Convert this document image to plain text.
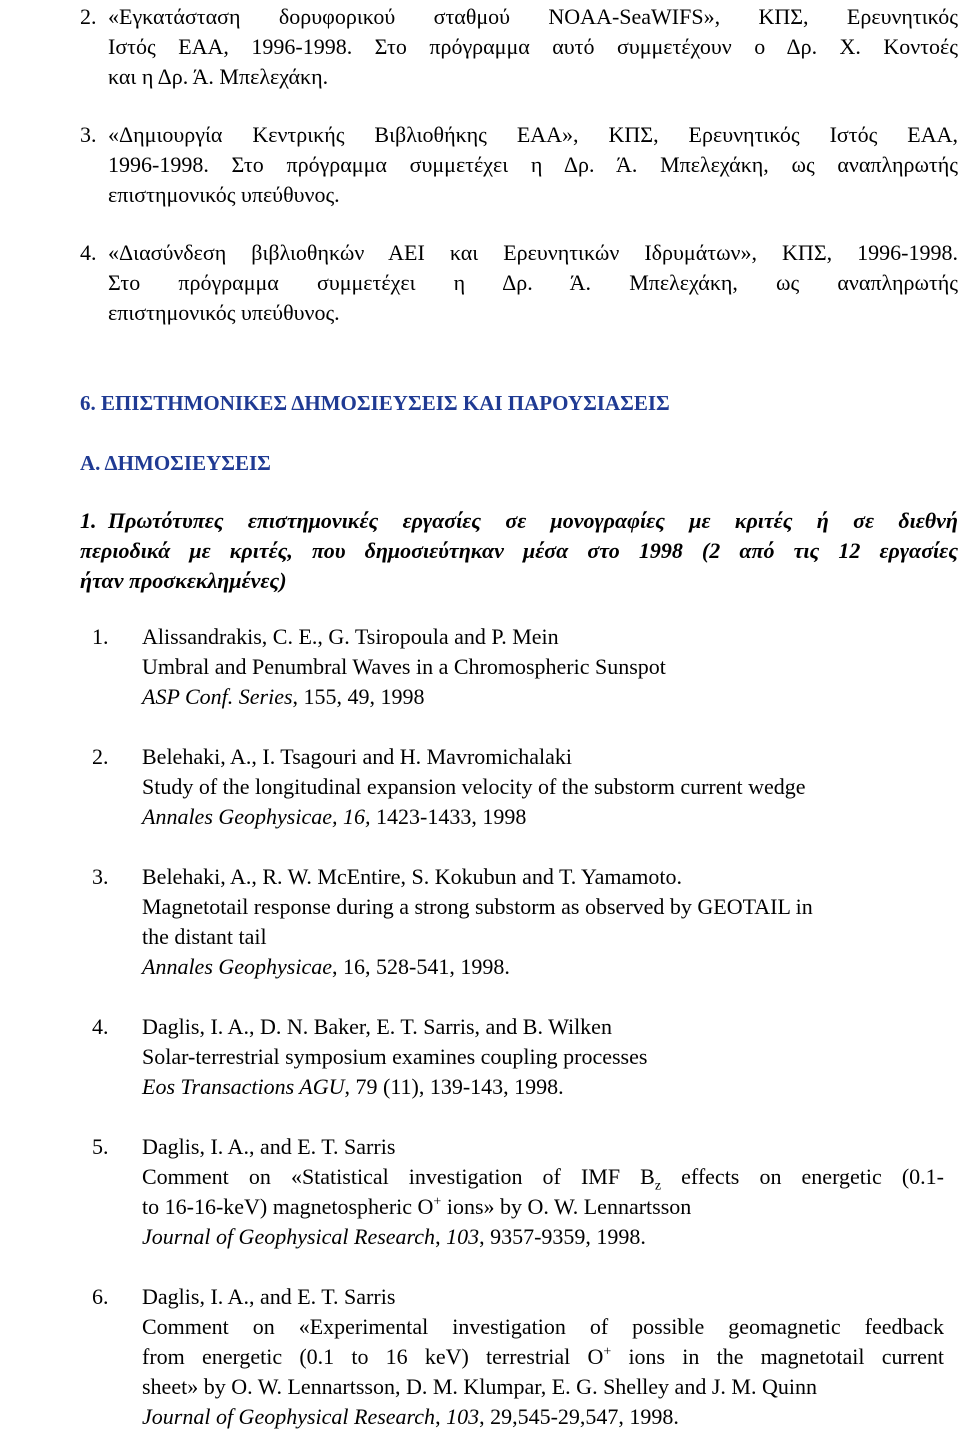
2. «Εγκατάσταση δορυφορικού σταθμού NOAA-SeaWIFS», ΚΠΣ, Ερευνητικός
Ιστός ΕΑΑ, 1996-1998. Στο πρόγραμμα αυτό συμμετέχουν ο Δρ. Χ. Κοντοές
και η Δρ. Ά. Μπελεχάκη.
3. «Δημιουργία Κεντρικής Βιβλιοθήκης ΕΑΑ», ΚΠΣ, Ερευνητικός Ιστός ΕΑΑ,
1996-1998. Στο πρόγραμμα συμμετέχει η Δρ. Ά. Μπελεχάκη, ως αναπληρωτής
επιστημονικός υπεύθυνος.
4. «Διασύνδεση βιβλιοθηκών ΑΕΙ και Ερευνητικών Ιδρυμάτων», ΚΠΣ, 1996-1998.
Στο πρόγραμμα συμμετέχει η Δρ. Ά. Μπελεχάκη, ως αναπληρωτής
επιστημονικός υπεύθυνος.
6. ΕΠΙΣΤΗΜΟΝΙΚΕΣ ΔΗΜΟΣΙΕΥΣΕΙΣ ΚΑΙ ΠΑΡΟΥΣΙΑΣΕΙΣ
Α. ΔΗΜΟΣΙΕΥΣΕΙΣ
1. Πρωτότυπες επιστημονικές εργασίες σε μονογραφίες με κριτές ή σε διεθνή
περιοδικά με κριτές, που δημοσιεύτηκαν μέσα στο 1998 (2 από τις 12 εργασίες
ήταν προσκεκλημένες)
1. Alissandrakis, C. E., G. Tsiropoula and P. Mein
Umbral and Penumbral Waves in a Chromospheric Sunspot
ASP Conf. Series, 155, 49, 1998
2. Belehaki, A., I. Tsagouri and H. Mavromichalaki
Study of the longitudinal expansion velocity of the substorm current wedge
Annales Geophysicae, 16, 1423-1433, 1998
3. Belehaki, A., R. W. McEntire, S. Kokubun and T. Yamamoto.
Magnetotail response during a strong substorm as observed by GEOTAIL in
the distant tail
Annales Geophysicae, 16, 528-541, 1998.
4. Daglis, I. A., D. N. Baker, E. T. Sarris, and B. Wilken
Solar-terrestrial symposium examines coupling processes
Eos Transactions AGU, 79 (11), 139-143, 1998.
5. Daglis, I. A., and E. T. Sarris
Comment on «Statistical investigation of IMF $B_z$ effects on energetic (0.1-
to 16-16-keV) magnetospheric O+ ions» by O. W. Lennartsson
Journal of Geophysical Research, 103, 9357-9359, 1998.
6. Daglis, I. A., and E. T. Sarris
Comment on «Experimental investigation of possible geomagnetic feedback
from energetic (0.1 to 16 keV) terrestrial O+ ions in the magnetotail current
sheet» by O. W. Lennartsson, D. M. Klumpar, E. G. Shelley and J. M. Quinn
Journal of Geophysical Research, 103, 29,545-29,547, 1998.
